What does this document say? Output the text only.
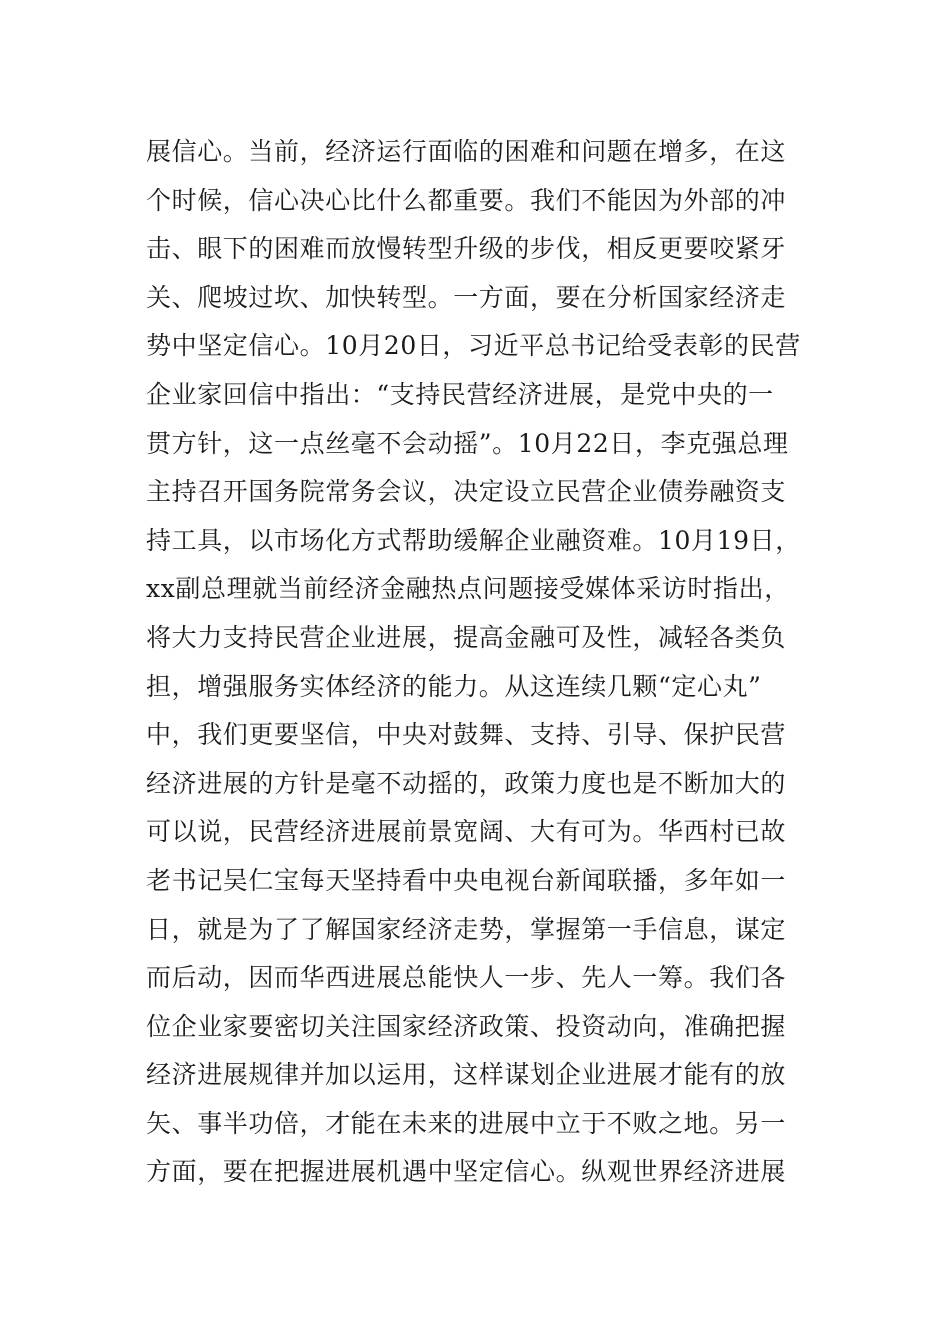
展信心。当前，经济运行面临的困难和问题在增多，在这
个时候，信心决心比什么都重要。我们不能因为外部的冲
击、眼下的困难而放慢转型升级的步伐，相反更要咬紧牙
关、爬坡过坎、加快转型。一方面，要在分析国家经济走
势中坚定信心。10月20日，习近平总书记给受表彰的民营
企业家回信中指出：“支持民营经济进展，是党中央的一
贯方针，这一点丝毫不会动摇”。10月22日，李克强总理
主持召开国务院常务会议，决定设立民营企业债券融资支
持工具，以市场化方式帮助缓解企业融资难。10月19日，
xx副总理就当前经济金融热点问题接受媒体采访时指出，
将大力支持民营企业进展，提高金融可及性，减轻各类负
担，增强服务实体经济的能力。从这连续几颗“定心丸”
中，我们更要坚信，中央对鼓舞、支持、引导、保护民营
经济进展的方针是毫不动摇的，政策力度也是不断加大的
可以说，民营经济进展前景宽阔、大有可为。华西村已故
老书记吴仁宝每天坚持看中央电视台新闻联播，多年如一
日，就是为了了解国家经济走势，掌握第一手信息，谋定
而后动，因而华西进展总能快人一步、先人一筹。我们各
位企业家要密切关注国家经济政策、投资动向，准确把握
经济进展规律并加以运用，这样谋划企业进展才能有的放
矢、事半功倍，才能在未来的进展中立于不败之地。另一
方面，要在把握进展机遇中坚定信心。纵观世界经济进展
